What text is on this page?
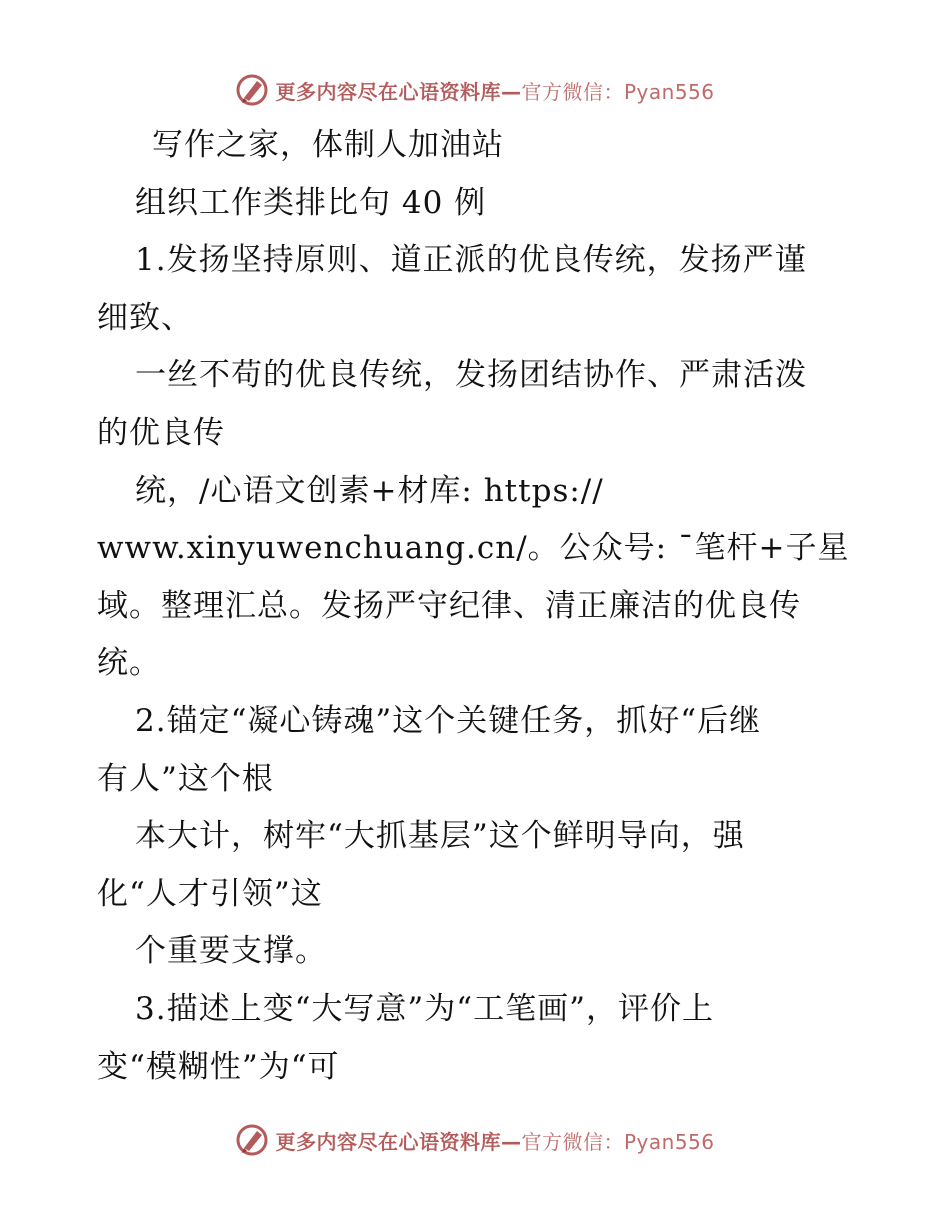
更多内容尽在心语资料库—官方微信：Pyan556
写作之家，体制人加油站
组织工作类排比句 40 例
1.发扬坚持原则、道正派的优良传统，发扬严谨
细致、
一丝不苟的优良传统，发扬团结协作、严肃活泼
的优良传
统，/心语文创素+材库: https://
www.xinyuwenchuang.cn/。公众号: ¯笔杆+子星
域。整理汇总。发扬严守纪律、清正廉洁的优良传
统。
2.锚定“凝心铸魂”这个关键任务，抓好“后继
有人”这个根
本大计，树牢“大抓基层”这个鲜明导向，强
化“人才引领”这
个重要支撑。
3.描述上变“大写意”为“工笔画”，评价上
变“模糊性”为“可
更多内容尽在心语资料库—官方微信：Pyan556
